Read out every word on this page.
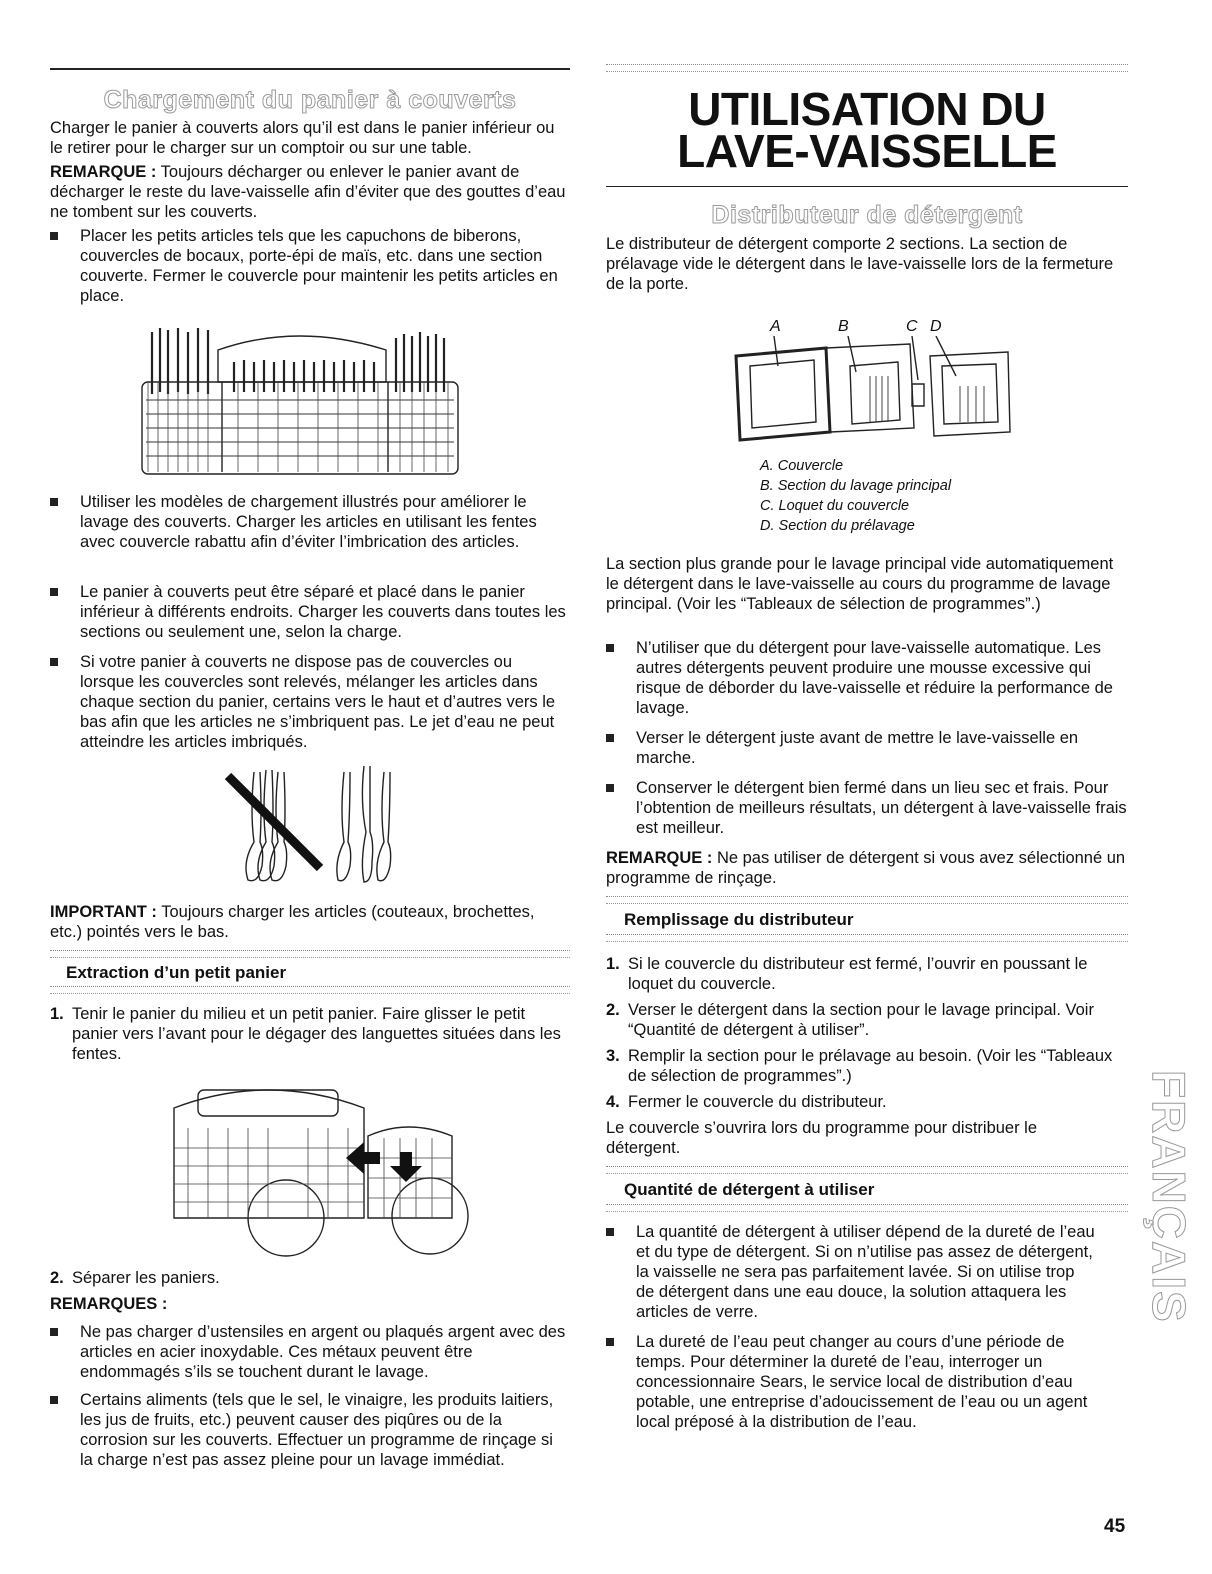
Chargement du panier à couverts

Charger le panier à couverts alors qu’il est dans le panier inférieur ou le retirer pour le charger sur un comptoir ou sur une table.

REMARQUE : Toujours décharger ou enlever le panier avant de décharger le reste du lave-vaisselle afin d’éviter que des gouttes d’eau ne tombent sur les couverts.

Placer les petits articles tels que les capuchons de biberons, couvercles de bocaux, porte-épi de maïs, etc. dans une section couverte. Fermer le couvercle pour maintenir les petits articles en place.

Utiliser les modèles de chargement illustrés pour améliorer le lavage des couverts. Charger les articles en utilisant les fentes avec couvercle rabattu afin d’éviter l’imbrication des articles.

Le panier à couverts peut être séparé et placé dans le panier inférieur à différents endroits. Charger les couverts dans toutes les sections ou seulement une, selon la charge.

Si votre panier à couverts ne dispose pas de couvercles ou lorsque les couvercles sont relevés, mélanger les articles dans chaque section du panier, certains vers le haut et d’autres vers le bas afin que les articles ne s’imbriquent pas. Le jet d’eau ne peut atteindre les articles imbriqués.

IMPORTANT : Toujours charger les articles (couteaux, brochettes, etc.) pointés vers le bas.

Extraction d’un petit panier
1. Tenir le panier du milieu et un petit panier. Faire glisser le petit panier vers l’avant pour le dégager des languettes situées dans les fentes.

2. Séparer les paniers.

REMARQUES :

Ne pas charger d’ustensiles en argent ou plaqués argent avec des articles en acier inoxydable. Ces métaux peuvent être endommagés s’ils se touchent durant le lavage.

Certains aliments (tels que le sel, le vinaigre, les produits laitiers, les jus de fruits, etc.) peuvent causer des piqûres ou de la corrosion sur les couverts. Effectuer un programme de rinçage si la charge n’est pas assez pleine pour un lavage immédiat.

UTILISATION DU
LAVE-VAISSELLE
Distributeur de détergent

Le distributeur de détergent comporte 2 sections. La section de prélavage vide le détergent dans le lave-vaisselle lors de la fermeture de la porte.

A	B	C D

A. Couvercle

B. Section du lavage principal

C. Loquet du couvercle

D. Section du prélavage

La section plus grande pour le lavage principal vide automatiquement le détergent dans le lave-vaisselle au cours du programme de lavage principal. (Voir les “Tableaux de sélection de programmes”.)

N’utiliser que du détergent pour lave-vaisselle automatique. Les autres détergents peuvent produire une mousse excessive qui risque de déborder du lave-vaisselle et réduire la performance de lavage.

Verser le détergent juste avant de mettre le lave-vaisselle en marche.

Conserver le détergent bien fermé dans un lieu sec et frais. Pour l’obtention de meilleurs résultats, un détergent à lave-vaisselle frais est meilleur.

REMARQUE : Ne pas utiliser de détergent si vous avez sélectionné un programme de rinçage.

Remplissage du distributeur
1. Si le couvercle du distributeur est fermé, l’ouvrir en poussant le loquet du couvercle.

2. Verser le détergent dans la section pour le lavage principal. Voir “Quantité de détergent à utiliser”.

3. Remplir la section pour le prélavage au besoin. (Voir les “Tableaux de sélection de programmes”.)

4. Fermer le couvercle du distributeur.

Le couvercle s’ouvrira lors du programme pour distribuer le détergent.

Quantité de détergent à utiliser

La quantité de détergent à utiliser dépend de la dureté de l’eau et du type de détergent. Si on n’utilise pas assez de détergent, la vaisselle ne sera pas parfaitement lavée. Si on utilise trop de détergent dans une eau douce, la solution attaquera les articles de verre.

La dureté de l’eau peut changer au cours d’une période de temps. Pour déterminer la dureté de l’eau, interroger un concessionnaire Sears, le service local de distribution d’eau potable, une entreprise d’adoucissement de l’eau ou un agent local préposé à la distribution de l’eau.

FRANÇAIS
45
